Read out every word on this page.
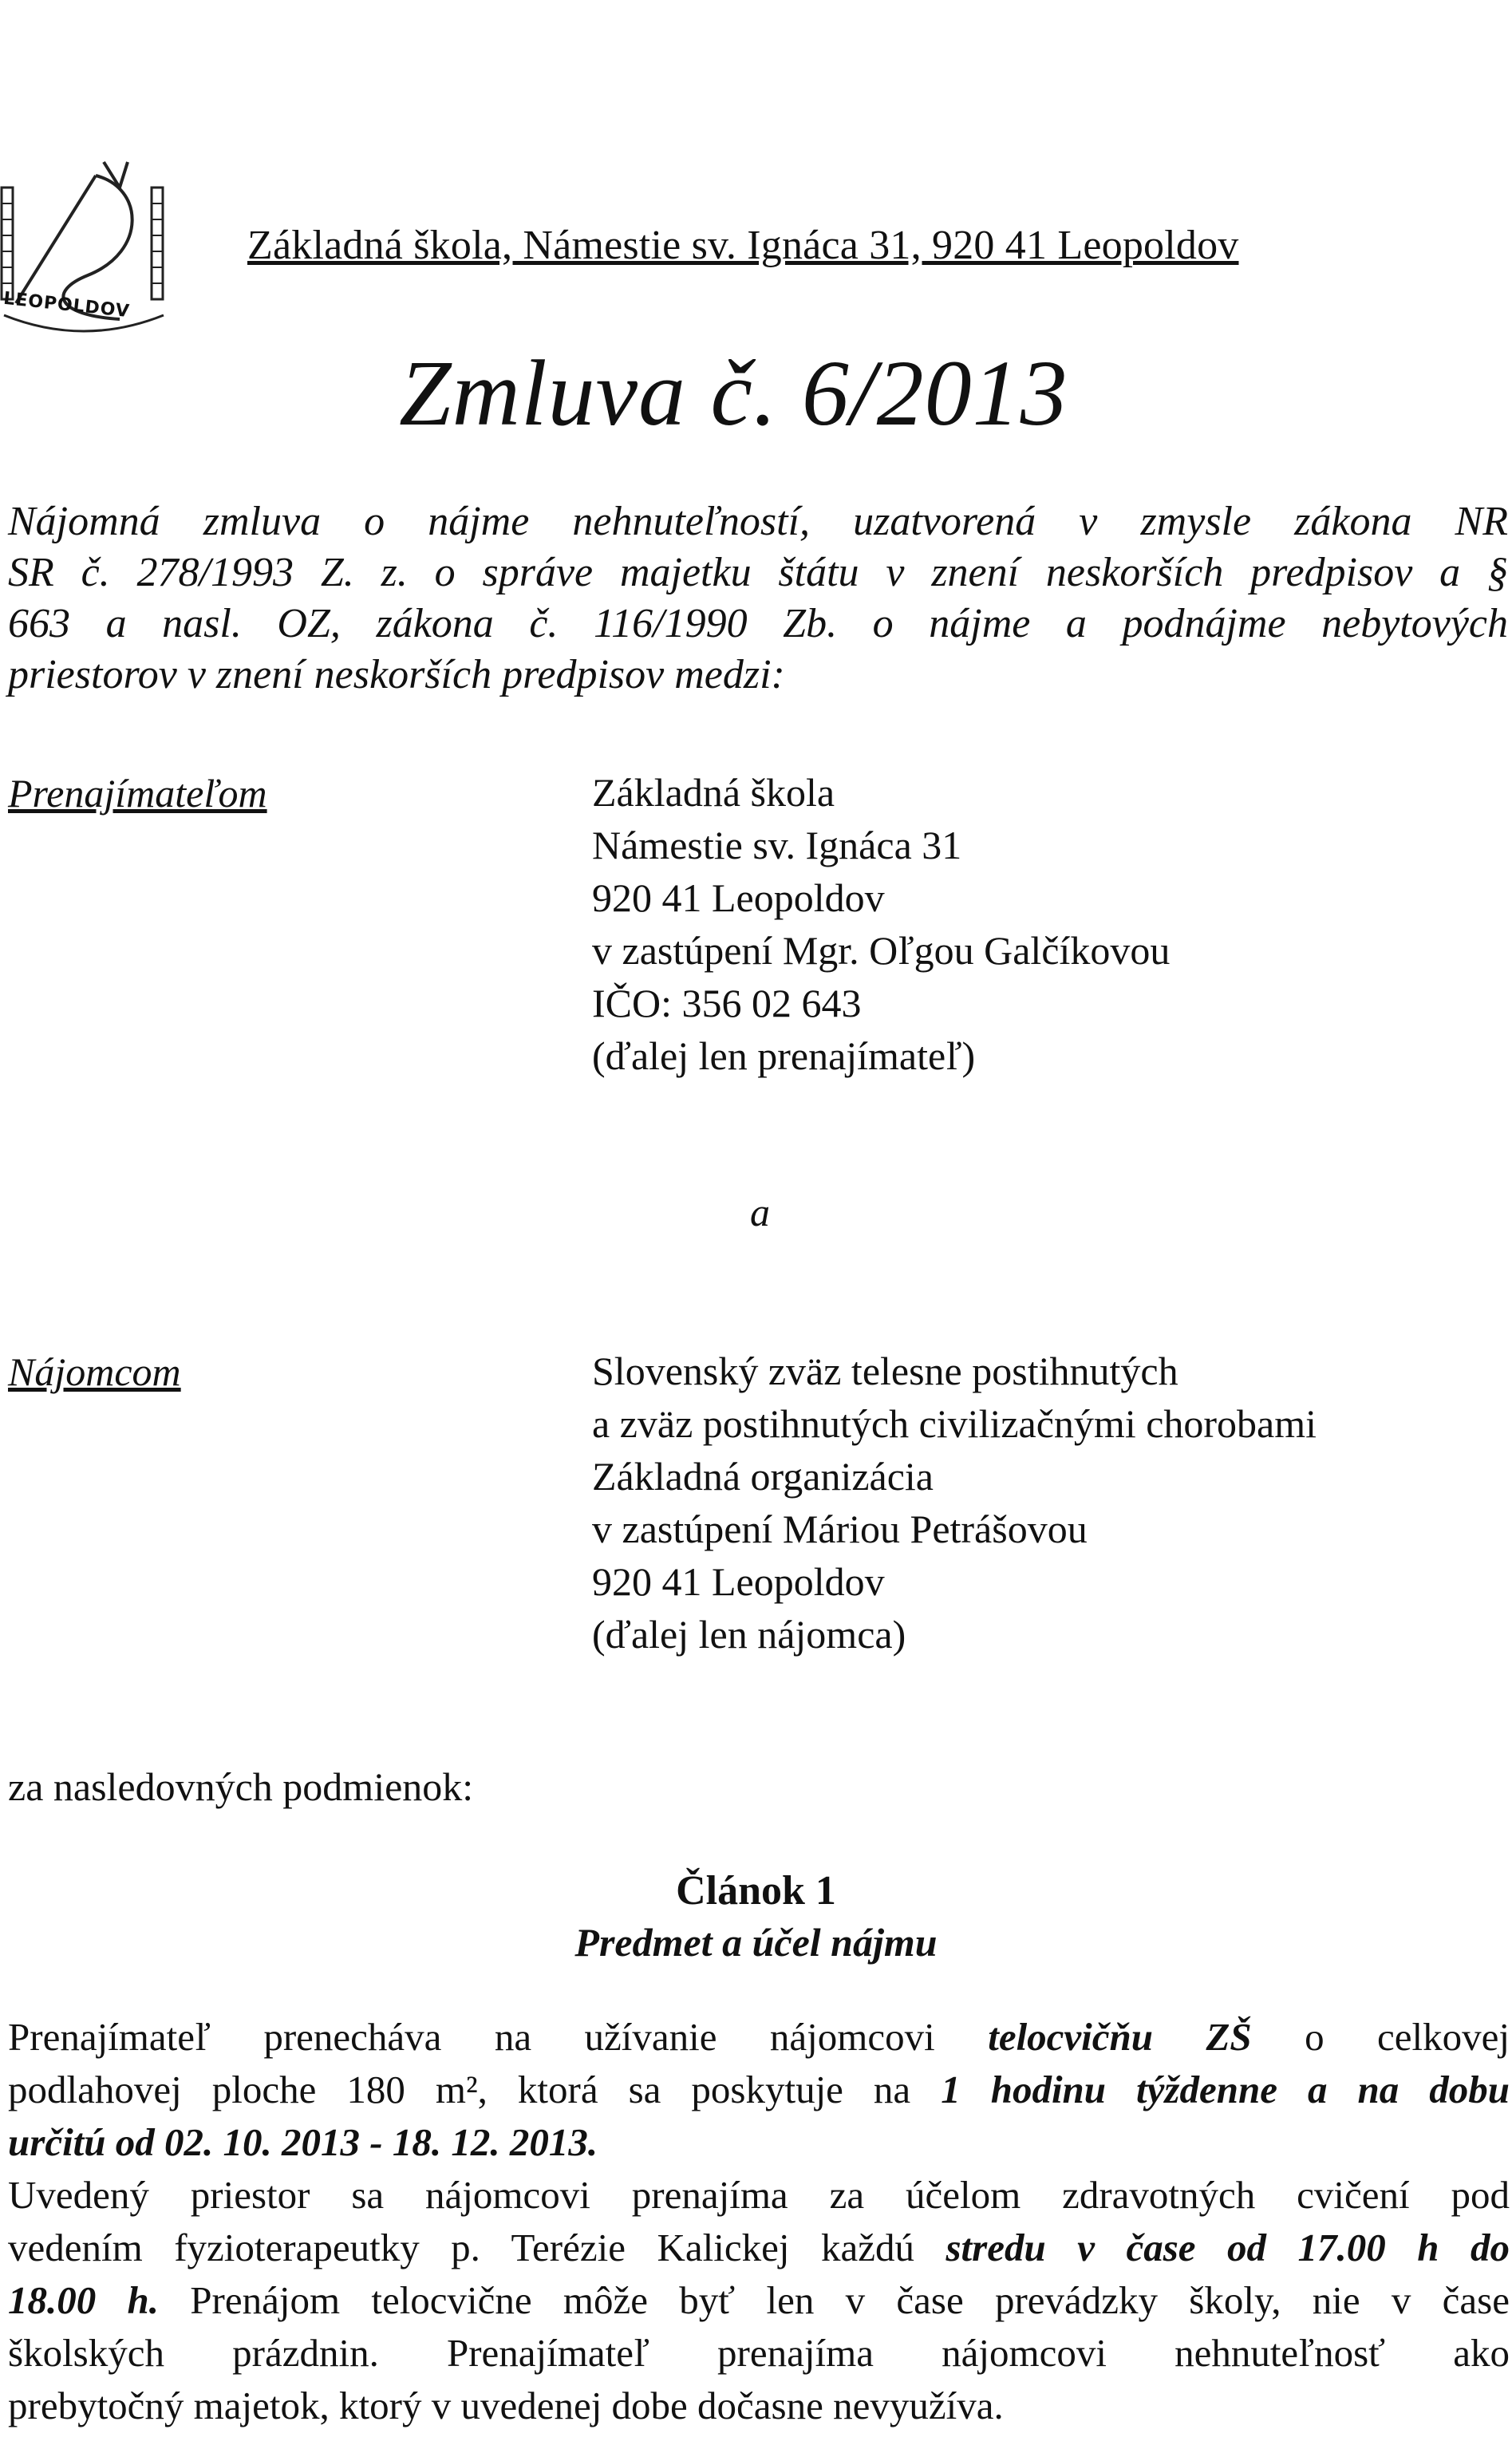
LEOPOLDOV
Základná škola, Námestie sv. Ignáca 31, 920 41 Leopoldov
Zmluva č. 6/2013
Nájomná zmluva o nájme nehnuteľností, uzatvorená v zmysle zákona NR
SR č. 278/1993 Z. z. o správe majetku štátu v znení neskorších predpisov a §
663 a nasl. OZ, zákona č. 116/1990 Zb. o nájme a podnájme nebytových
priestorov v znení neskorších predpisov medzi:
Prenajímateľom	Základná škola
Námestie sv. Ignáca 31
920 41 Leopoldov
v zastúpení Mgr. Oľgou Galčíkovou
IČO: 356 02 643
(ďalej len prenajímateľ)
a
Nájomcom	Slovenský zväz telesne postihnutých
a zväz postihnutých civilizačnými chorobami
Základná organizácia
v zastúpení Máriou Petrášovou
920 41 Leopoldov
(ďalej len nájomca)
za nasledovných podmienok:
Článok 1
Predmet a účel nájmu
Prenajímateľ prenecháva na užívanie nájomcovi telocvičňu ZŠ o celkovej
podlahovej ploche 180 m², ktorá sa poskytuje na 1 hodinu týždenne a na dobu
určitú od 02. 10. 2013 - 18. 12. 2013.
Uvedený priestor sa nájomcovi prenajíma za účelom zdravotných cvičení pod
vedením fyzioterapeutky p. Terézie Kalickej každú stredu v čase od 17.00 h do
18.00 h. Prenájom telocvične môže byť len v čase prevádzky školy, nie v čase
školských prázdnin. Prenajímateľ prenajíma nájomcovi nehnuteľnosť ako
prebytočný majetok, ktorý v uvedenej dobe dočasne nevyužíva.
